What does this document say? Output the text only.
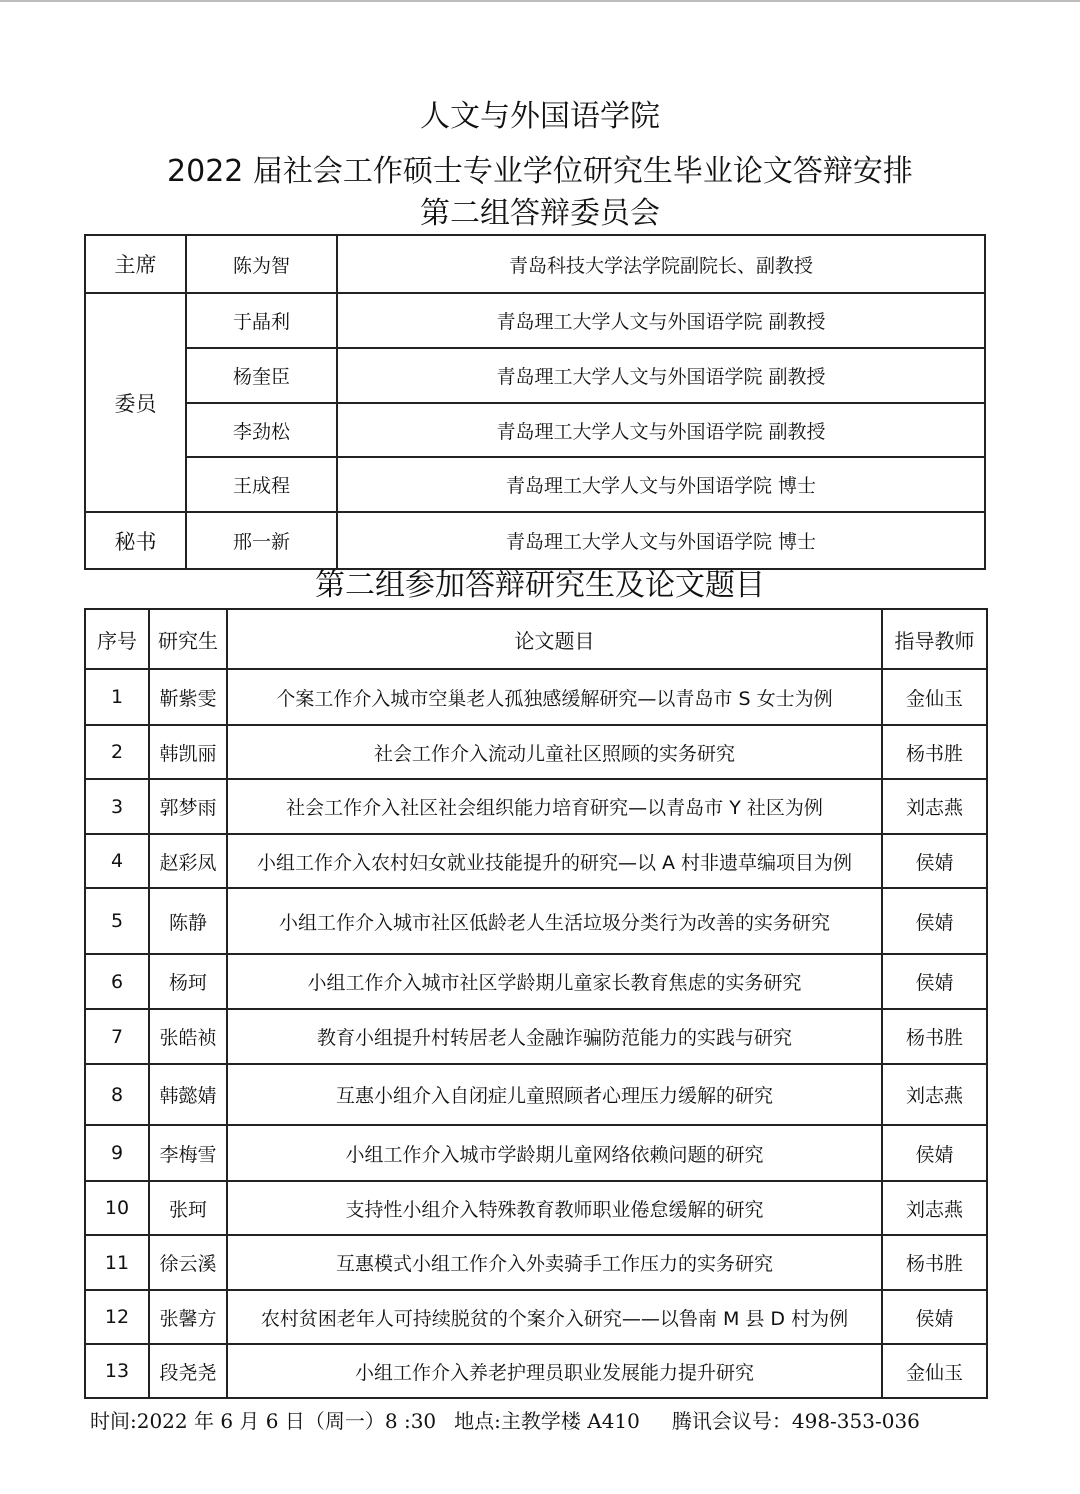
人文与外国语学院
2022 届社会工作硕士专业学位研究生毕业论文答辩安排
第二组答辩委员会
主席	陈为智	青岛科技大学法学院副院长、副教授
委员	于晶利	青岛理工大学人文与外国语学院 副教授
	杨奎臣	青岛理工大学人文与外国语学院 副教授
	李劲松	青岛理工大学人文与外国语学院 副教授
	王成程	青岛理工大学人文与外国语学院 博士
秘书	邢一新	青岛理工大学人文与外国语学院 博士
第二组参加答辩研究生及论文题目
序号	研究生	论文题目	指导教师
1	靳紫雯	个案工作介入城市空巢老人孤独感缓解研究—以青岛市 S 女士为例	金仙玉
2	韩凯丽	社会工作介入流动儿童社区照顾的实务研究	杨书胜
3	郭梦雨	社会工作介入社区社会组织能力培育研究—以青岛市 Y 社区为例	刘志燕
4	赵彩凤	小组工作介入农村妇女就业技能提升的研究—以 A 村非遗草编项目为例	侯婧
5	陈静	小组工作介入城市社区低龄老人生活垃圾分类行为改善的实务研究	侯婧
6	杨珂	小组工作介入城市社区学龄期儿童家长教育焦虑的实务研究	侯婧
7	张皓祯	教育小组提升村转居老人金融诈骗防范能力的实践与研究	杨书胜
8	韩懿婧	互惠小组介入自闭症儿童照顾者心理压力缓解的研究	刘志燕
9	李梅雪	小组工作介入城市学龄期儿童网络依赖问题的研究	侯婧
10	张珂	支持性小组介入特殊教育教师职业倦怠缓解的研究	刘志燕
11	徐云溪	互惠模式小组工作介入外卖骑手工作压力的实务研究	杨书胜
12	张馨方	农村贫困老年人可持续脱贫的个案介入研究——以鲁南 M 县 D 村为例	侯婧
13	段尧尧	小组工作介入养老护理员职业发展能力提升研究	金仙玉
时间:2022 年 6 月 6 日（周一）8 :30 地点:主教学楼 A410 腾讯会议号：498-353-036
